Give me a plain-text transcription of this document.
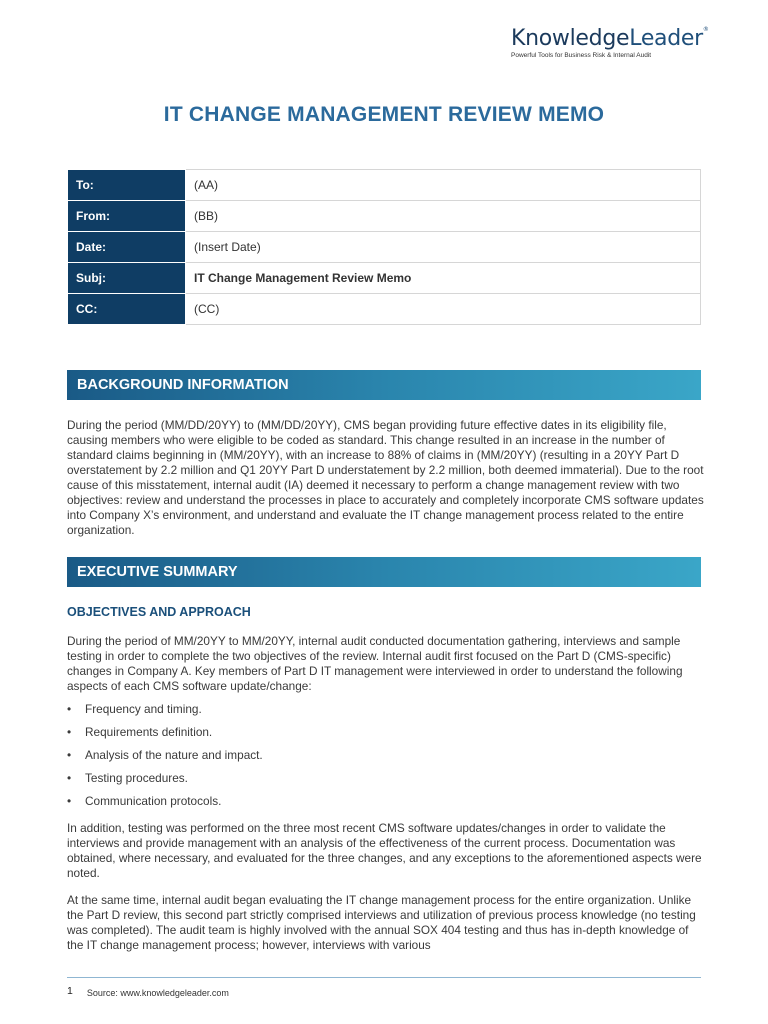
KnowledgeLeader®
Powerful Tools for Business Risk & Internal Audit
IT CHANGE MANAGEMENT REVIEW MEMO
To:	(AA)
From:	(BB)
Date:	(Insert Date)
Subj:	IT Change Management Review Memo
CC:	(CC)
BACKGROUND INFORMATION

During the period (MM/DD/20YY) to (MM/DD/20YY), CMS began providing future effective dates in its eligibility file, causing members who were eligible to be coded as standard. This change resulted in an increase in the number of standard claims beginning in (MM/20YY), with an increase to 88% of claims in (MM/20YY) (resulting in a 20YY Part D overstatement by 2.2 million and Q1 20YY Part D understatement by 2.2 million, both deemed immaterial). Due to the root cause of this misstatement, internal audit (IA) deemed it necessary to perform a change management review with two objectives: review and understand the processes in place to accurately and completely incorporate CMS software updates into Company X’s environment, and understand and evaluate the IT change management process related to the entire organization.

EXECUTIVE SUMMARY
OBJECTIVES AND APPROACH

During the period of MM/20YY to MM/20YY, internal audit conducted documentation gathering, interviews and sample testing in order to complete the two objectives of the review. Internal audit first focused on the Part D (CMS-specific) changes in Company A. Key members of Part D IT management were interviewed in order to understand the following aspects of each CMS software update/change:

• Frequency and timing.
• Requirements definition.
• Analysis of the nature and impact.
• Testing procedures.
• Communication protocols.

In addition, testing was performed on the three most recent CMS software updates/changes in order to validate the interviews and provide management with an analysis of the effectiveness of the current process. Documentation was obtained, where necessary, and evaluated for the three changes, and any exceptions to the aforementioned aspects were noted.

At the same time, internal audit began evaluating the IT change management process for the entire organization. Unlike the Part D review, this second part strictly comprised interviews and utilization of previous process knowledge (no testing was completed). The audit team is highly involved with the annual SOX 404 testing and thus has in-depth knowledge of the IT change management process; however, interviews with various

1 Source: www.knowledgeleader.com
